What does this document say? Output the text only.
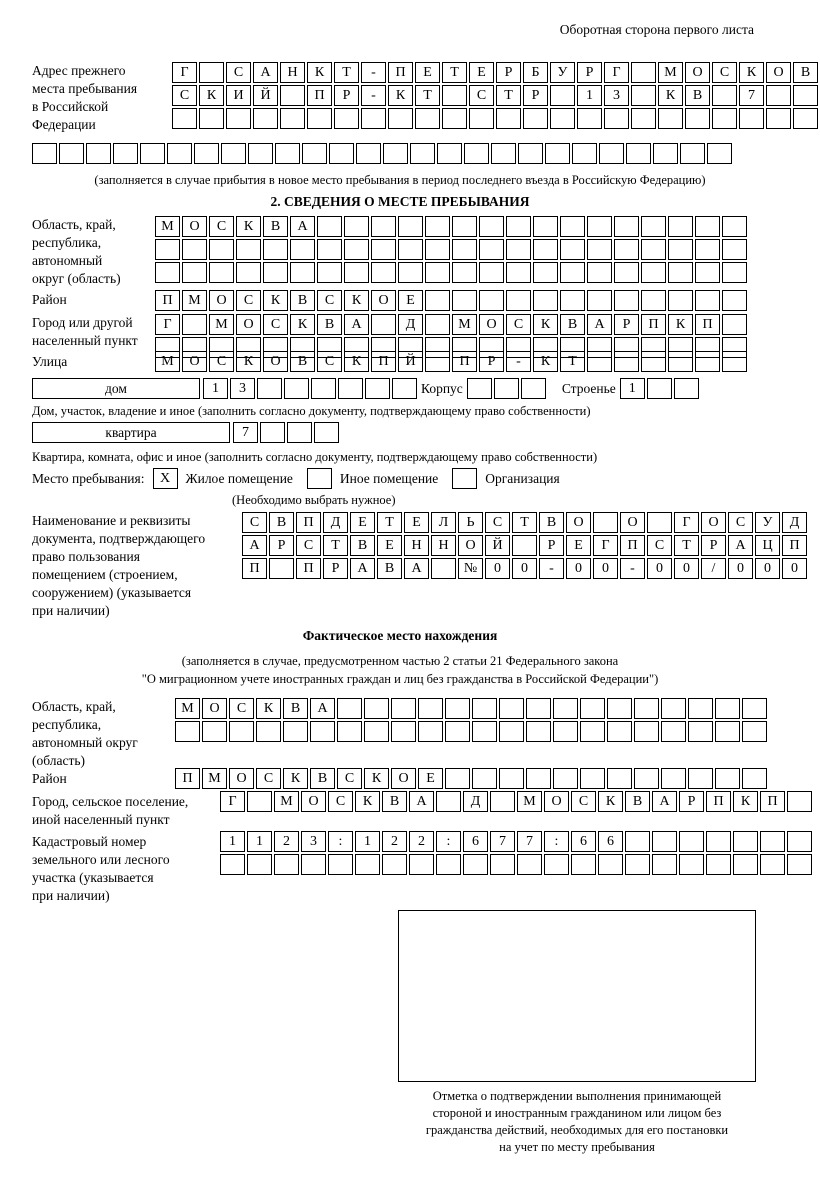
Оборотная сторона первого листа
Адрес прежнего
места пребывания
в Российской
Федерации
Г	С	А	Н	К	Т	-	П	Е	Т	Е	Р	Б	У	Р	Г	М	О	С	К	О	В
С	К	И	Й	П	Р	-	К	Т	С	Т	Р	1	3	К	В	7
(заполняется в случае прибытия в новое место пребывания в период последнего въезда в Российскую Федерацию)
2. СВЕДЕНИЯ О МЕСТЕ ПРЕБЫВАНИЯ
Область, край,
республика,
автономный
округ (область)
М	О	С	К	В	А
Район	П	М	О	С	К	В	С	К	О	Е
Город или другой
населенный пункт
Г	М	О	С	К	В	А	Д	М	О	С	К	В	А	Р	П	К	П
Улица	М	О	С	К	О	В	С	К	П	Й	П	Р	-	К	Т
дом	1	3	Корпус	Строенье 1
Дом, участок, владение и иное (заполнить согласно документу, подтверждающему право собственности)
квартира	7
Квартира, комната, офис и иное (заполнить согласно документу, подтверждающему право собственности)
Место пребывания:	Х	Жилое помещение	Иное помещение	Организация
(Необходимо выбрать нужное)
Наименование и реквизиты
документа, подтверждающего
право пользования
помещением (строением,
сооружением) (указывается
при наличии)
С	В	П	Д	Е	Т	Е	Л	Ь	С	Т	В	О	О	Г	О	С	У	Д
А	Р	С	Т	В	Е	Н	Н	О	Й	Р	Е	Г	П	С	Т	Р	А	Ц	П
П	П	Р	А	В	А	№	0	0	-	0	0	-	0	0	/	0	0	0
Фактическое место нахождения
(заполняется в случае, предусмотренном частью 2 статьи 21 Федерального закона
"О миграционном учете иностранных граждан и лиц без гражданства в Российской Федерации")
Область, край,
республика,
автономный округ
(область)
М	О	С	К	В	А
Район	П	М	О	С	К	В	С	К	О	Е
Город, сельское поселение,
иной населенный пункт
Г	М	О	С	К	В	А	Д	М	О	С	К	В	А	Р	П	К	П
Кадастровый номер
земельного или лесного
участка (указывается
при наличии)
1	1	2	3	:	1	2	2	:	6	7	7	:	6	6
Отметка о подтверждении выполнения принимающей
стороной и иностранным гражданином или лицом без
гражданства действий, необходимых для его постановки
на учет по месту пребывания
